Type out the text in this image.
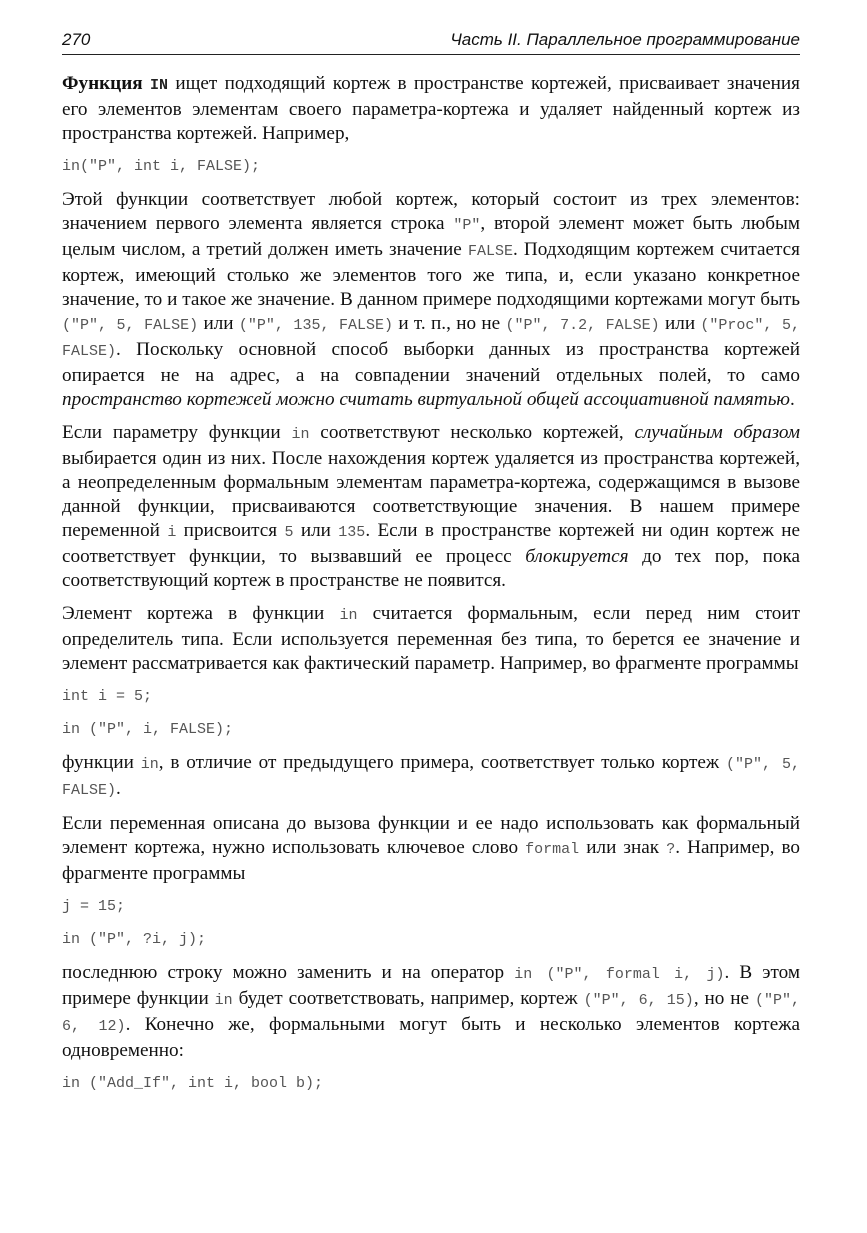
270	Часть II. Параллельное программирование

Функция IN ищет подходящий кортеж в пространстве кортежей, присваивает значения его элементов элементам своего параметра-кортежа и удаляет найденный кортеж из пространства кортежей. Например,

in("P", int i, FALSE);

Этой функции соответствует любой кортеж, который состоит из трех элементов: значением первого элемента является строка "P", второй элемент может быть любым целым числом, а третий должен иметь значение FALSE. Подходящим кортежем считается кортеж, имеющий столько же элементов того же типа, и, если указано конкретное значение, то и такое же значение. В данном примере подходящими кортежами могут быть ("P", 5, FALSE) или ("P", 135, FALSE) и т. п., но не ("P", 7.2, FALSE) или ("Proc", 5, FALSE). Поскольку основной способ выборки данных из пространства кортежей опирается не на адрес, а на совпадении значений отдельных полей, то само пространство кортежей можно считать виртуальной общей ассоциативной памятью.

Если параметру функции in соответствуют несколько кортежей, случайным образом выбирается один из них. После нахождения кортеж удаляется из пространства кортежей, а неопределенным формальным элементам параметра-кортежа, содержащимся в вызове данной функции, присваиваются соответствующие значения. В нашем примере переменной i присвоится 5 или 135. Если в пространстве кортежей ни один кортеж не соответствует функции, то вызвавший ее процесс блокируется до тех пор, пока соответствующий кортеж в пространстве не появится.

Элемент кортежа в функции in считается формальным, если перед ним стоит определитель типа. Если используется переменная без типа, то берется ее значение и элемент рассматривается как фактический параметр. Например, во фрагменте программы

int i = 5;
in ("P", i, FALSE);

функции in, в отличие от предыдущего примера, соответствует только кортеж ("P", 5, FALSE).

Если переменная описана до вызова функции и ее надо использовать как формальный элемент кортежа, нужно использовать ключевое слово formal или знак ?. Например, во фрагменте программы

j = 15;
in ("P", ?i, j);

последнюю строку можно заменить и на оператор in ("P", formal i, j). В этом примере функции in будет соответствовать, например, кортеж ("P", 6, 15), но не ("P", 6, 12). Конечно же, формальными могут быть и несколько элементов кортежа одновременно:

in ("Add_If", int i, bool b);
